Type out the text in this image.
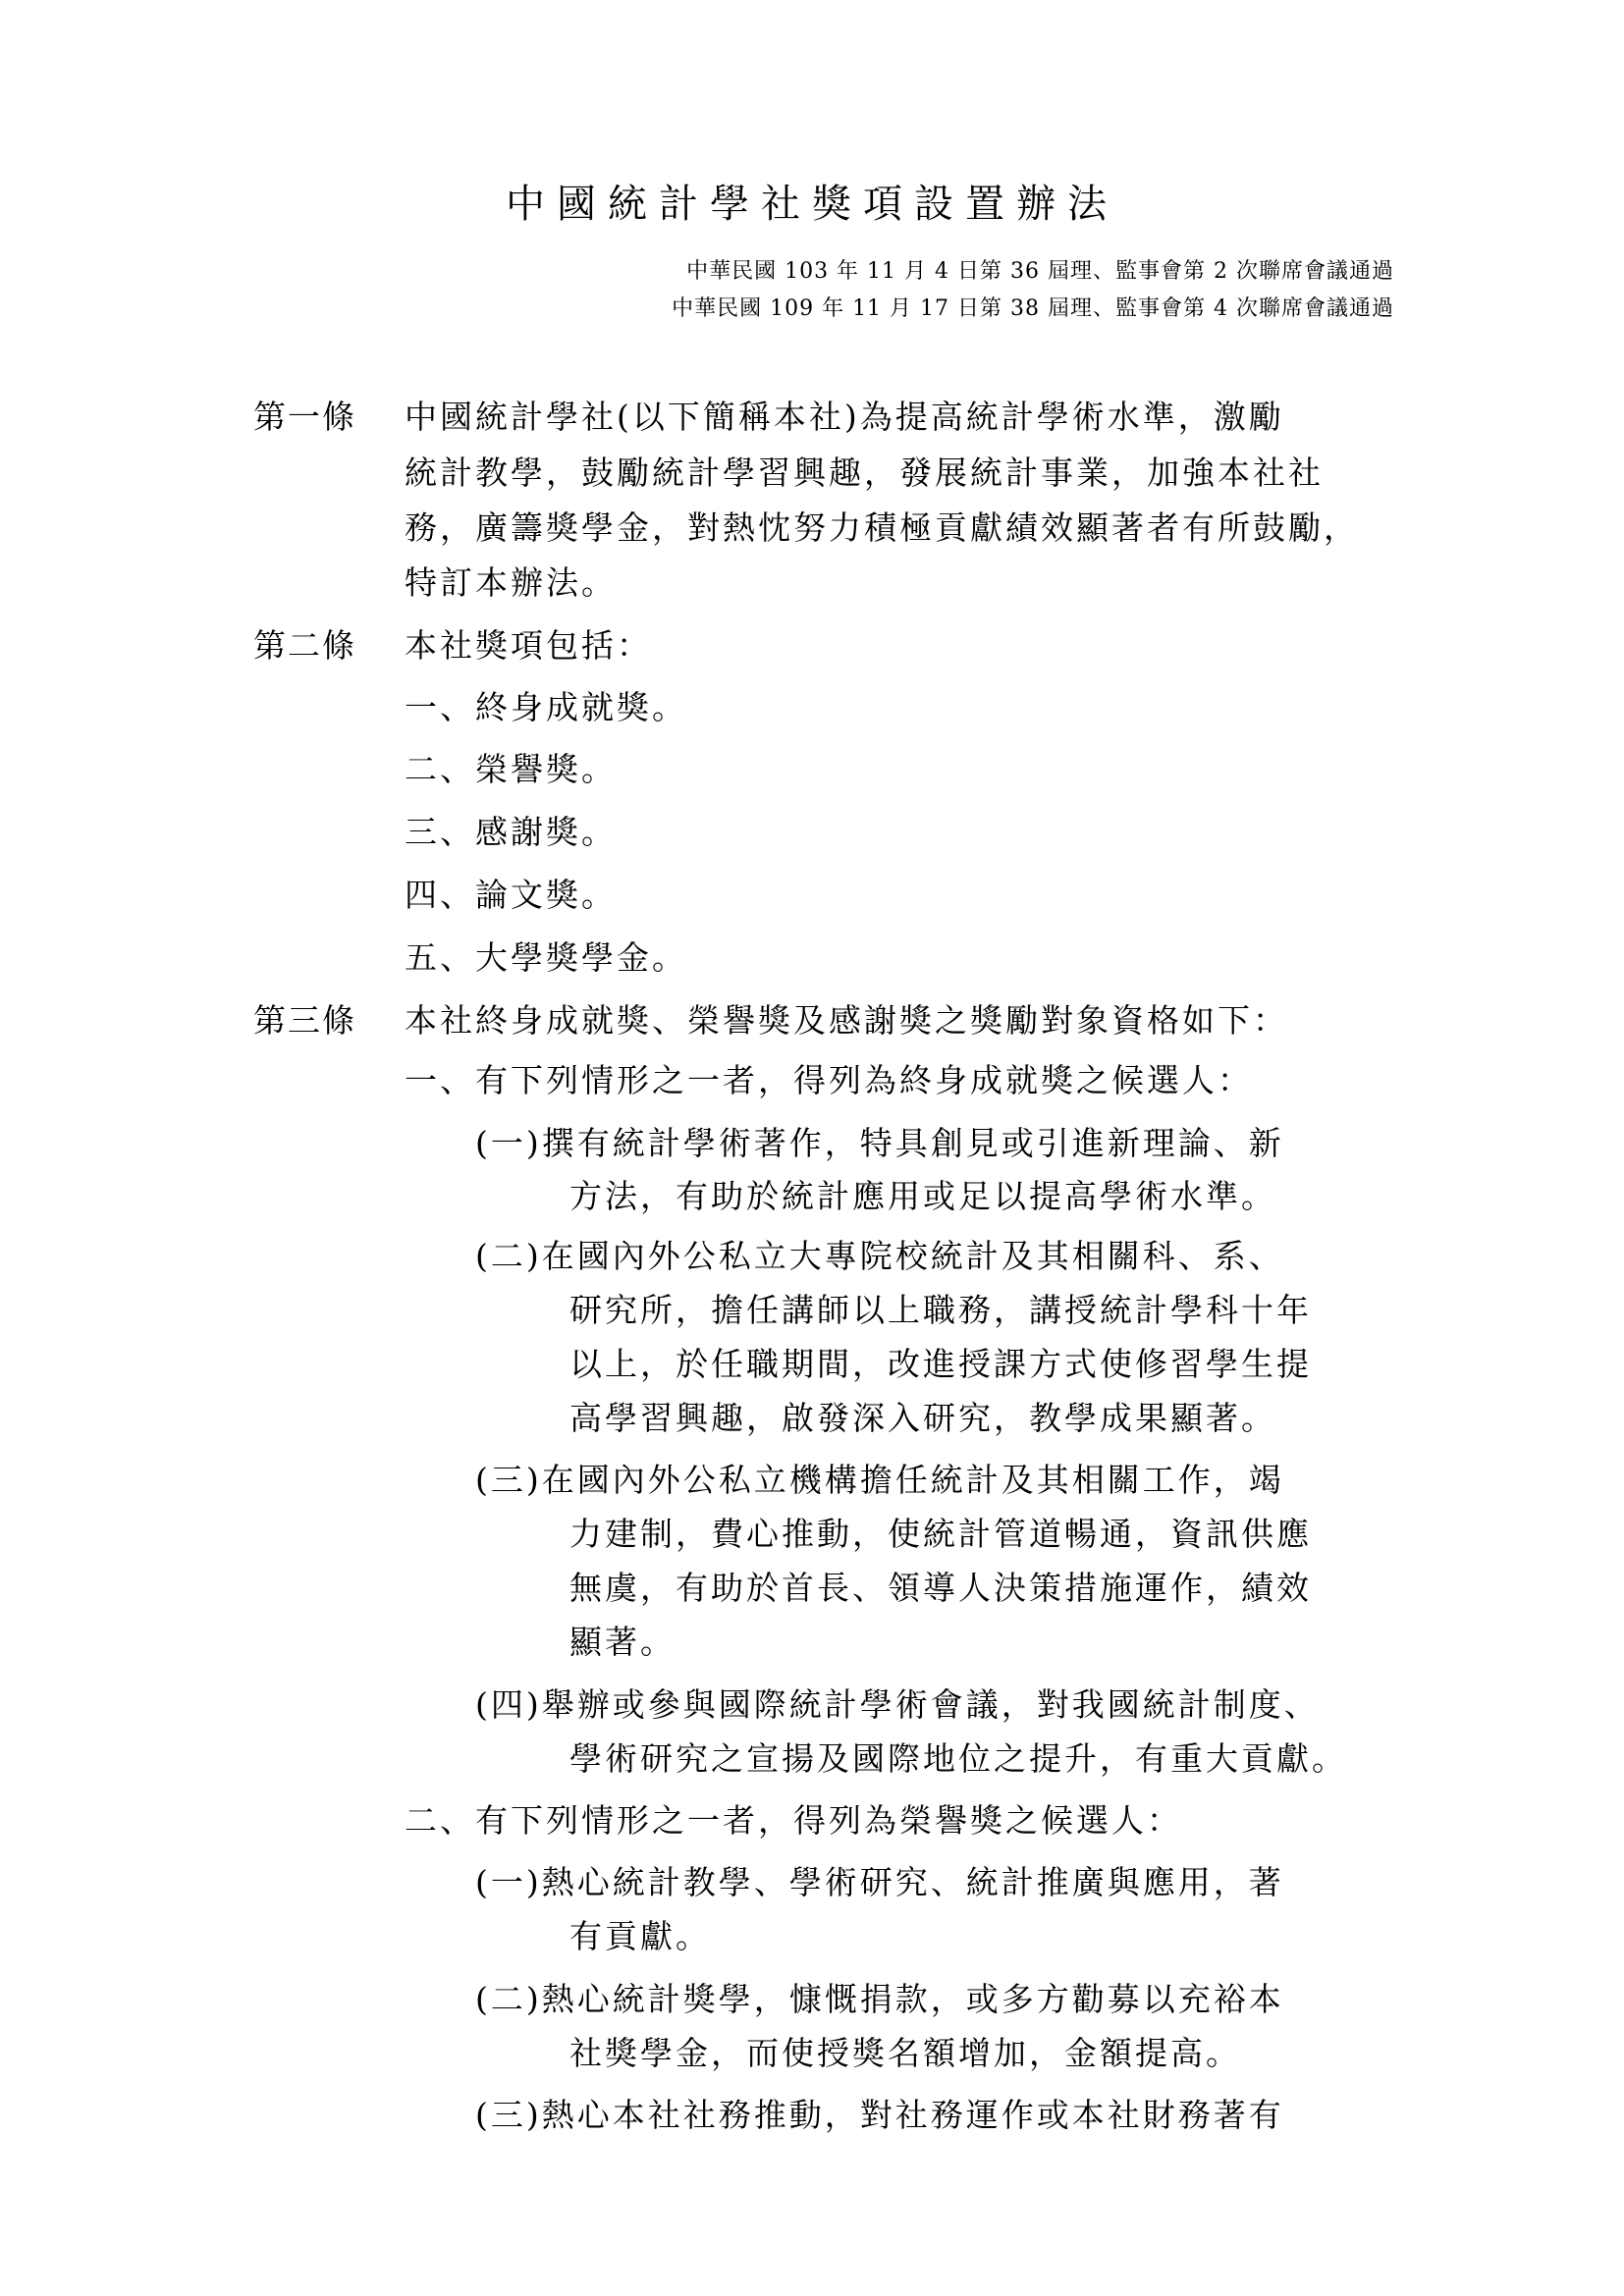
中國統計學社獎項設置辦法
中華民國 103 年 11 月 4 日第 36 屆理、監事會第 2 次聯席會議通過
中華民國 109 年 11 月 17 日第 38 屆理、監事會第 4 次聯席會議通過
第一條 中國統計學社(以下簡稱本社)為提高統計學術水準，激勵
統計教學，鼓勵統計學習興趣，發展統計事業，加強本社社
務，廣籌獎學金，對熱忱努力積極貢獻績效顯著者有所鼓勵，
特訂本辦法。
第二條 本社獎項包括：
一、終身成就獎。
二、榮譽獎。
三、感謝獎。
四、論文獎。
五、大學獎學金。
第三條 本社終身成就獎、榮譽獎及感謝獎之獎勵對象資格如下：
一、有下列情形之一者，得列為終身成就獎之候選人：
(一)撰有統計學術著作，特具創見或引進新理論、新
方法，有助於統計應用或足以提高學術水準。
(二)在國內外公私立大專院校統計及其相關科、系、
研究所，擔任講師以上職務，講授統計學科十年
以上，於任職期間，改進授課方式使修習學生提
高學習興趣，啟發深入研究，教學成果顯著。
(三)在國內外公私立機構擔任統計及其相關工作，竭
力建制，費心推動，使統計管道暢通，資訊供應
無虞，有助於首長、領導人決策措施運作，績效
顯著。
(四)舉辦或參與國際統計學術會議，對我國統計制度、
學術研究之宣揚及國際地位之提升，有重大貢獻。
二、有下列情形之一者，得列為榮譽獎之候選人：
(一)熱心統計教學、學術研究、統計推廣與應用，著
有貢獻。
(二)熱心統計獎學，慷慨捐款，或多方勸募以充裕本
社獎學金，而使授獎名額增加，金額提高。
(三)熱心本社社務推動，對社務運作或本社財務著有
